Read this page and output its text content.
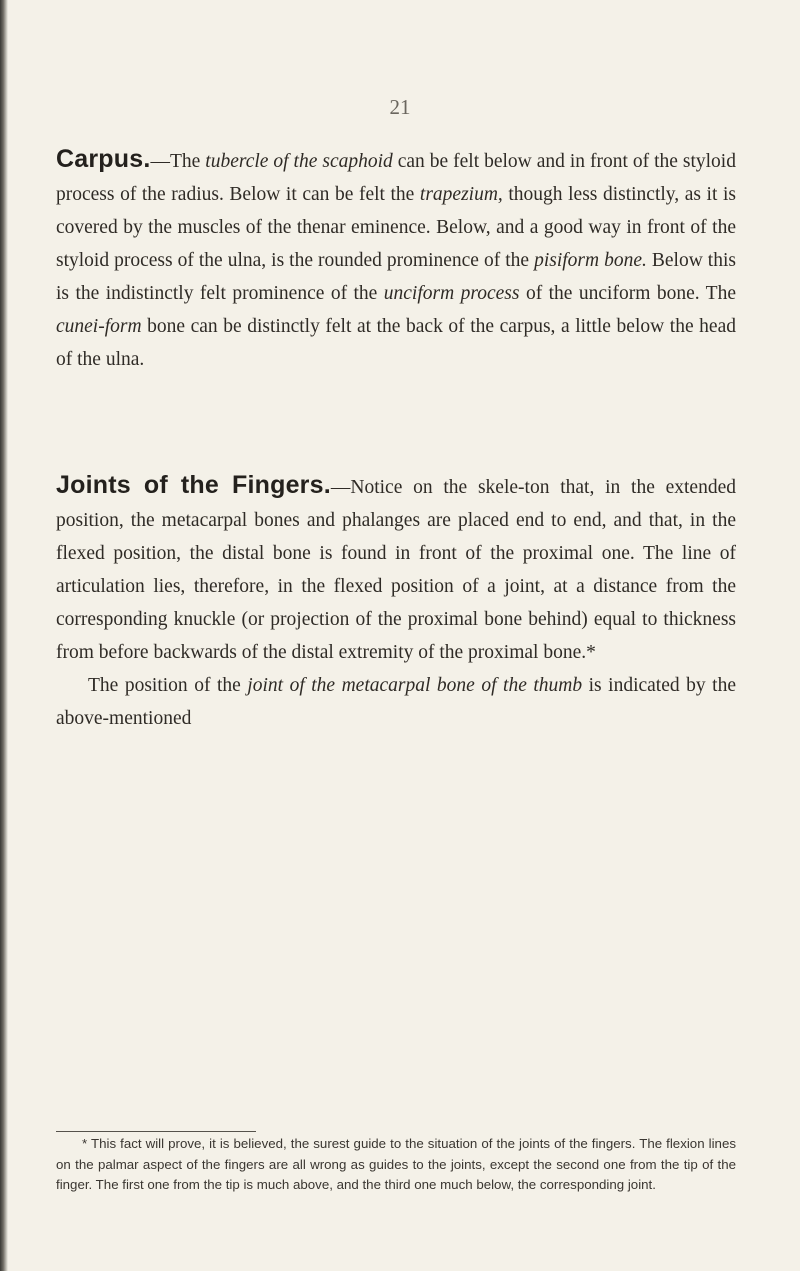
21

Carpus.—The tubercle of the scaphoid can be felt below and in front of the styloid process of the radius. Below it can be felt the trapezium, though less distinctly, as it is covered by the muscles of the thenar eminence. Below, and a good way in front of the styloid process of the ulna, is the rounded prominence of the pisiform bone. Below this is the indistinctly felt prominence of the unciform process of the unciform bone. The cunei-form bone can be distinctly felt at the back of the carpus, a little below the head of the ulna.

Joints of the Fingers.—Notice on the skele-ton that, in the extended position, the metacarpal bones and phalanges are placed end to end, and that, in the flexed position, the distal bone is found in front of the proximal one. The line of articulation lies, therefore, in the flexed position of a joint, at a distance from the corresponding knuckle (or projection of the proximal bone behind) equal to thickness from before backwards of the distal extremity of the proximal bone.*

The position of the joint of the metacarpal bone of the thumb is indicated by the above-mentioned

* This fact will prove, it is believed, the surest guide to the situation of the joints of the fingers. The flexion lines on the palmar aspect of the fingers are all wrong as guides to the joints, except the second one from the tip of the finger. The first one from the tip is much above, and the third one much below, the corresponding joint.
